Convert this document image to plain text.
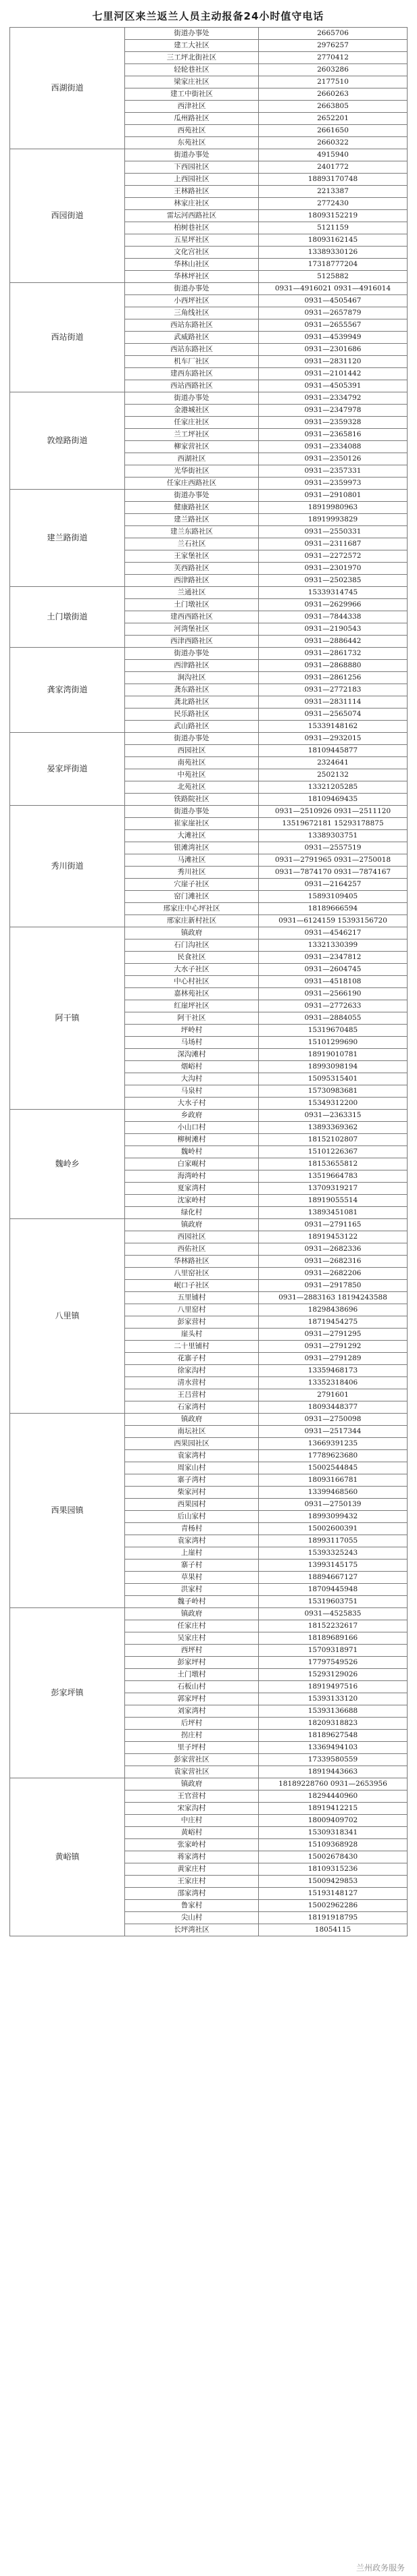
七里河区来兰返兰人员主动报备24小时值守电话
西湖街道	街道办事处	2665706
	建工大社区	2976257
	三工坪北街社区	2770412
	轻轮巷社区	2603286
	梁家庄社区	2177510
	建工中街社区	2660263
	西津社区	2663805
	瓜州路社区	2652201
	西苑社区	2661650
	东苑社区	2660322
西园街道	街道办事处	4915940
	下西园社区	2401772
	上西园社区	18893170748
	王林路社区	2213387
	林家庄社区	2772430
	雷坛河西路社区	18093152219
	柏树巷社区	5121159
	五星坪社区	18093162145
	文化宫社区	13389330126
	华林山社区	17318777204
	华林坪社区	5125882
西站街道	街道办事处	0931—4916021 0931—4916014
	小西坪社区	0931—4505467
	三角线社区	0931—2657879
	西站东路社区	0931—2655567
	武威路社区	0931—4539949
	西站东路社区	0931—2301686
	机车厂社区	0931—2831120
	建西东路社区	0931—2101442
	西站西路社区	0931—4505391
敦煌路街道	街道办事处	0931—2334792
	金港城社区	0931—2347978
	任家庄社区	0931—2359328
	兰工坪社区	0931—2365816
	柳家营社区	0931—2334088
	西湖社区	0931—2350126
	光华街社区	0931—2357331
	任家庄西路社区	0931—2359973
建兰路街道	街道办事处	0931—2910801
	健康路社区	18919980963
	建兰路社区	18919993829
	建兰东路社区	0931—2550331
	兰石社区	0931—2311687
	王家堡社区	0931—2272572
	芙西路社区	0931—2301970
	西津路社区	0931—2502385
土门墩街道	兰通社区	15339314745
	土门墩社区	0931—2629966
	建西西路社区	0931—7844338
	河湾堡社区	0931—2190543
	西津西路社区	0931—2886442
龚家湾街道	街道办事处	0931—2861732
	西津路社区	0931—2868880
	涧沟社区	0931—2861256
	龚东路社区	0931—2772183
	龚北路社区	0931—2831114
	民乐路社区	0931—2565074
	武山路社区	15339148162
晏家坪街道	街道办事处	0931—2932015
	西园社区	18109445877
	南苑社区	2324641
	中苑社区	2502132
	北苑社区	13321205285
	铁路院社区	18109469435
秀川街道	街道办事处	0931—2510926 0931—2511120
	崔家崖社区	13519672181 15293178875
	大滩社区	13389303751
	银滩湾社区	0931—2557519
	马滩社区	0931—2791965 0931—2750018
	秀川社区	0931—7874170 0931—7874167
	穴崖子社区	0931—2164257
	窑门滩社区	15893109405
	邢家庄中心坪社区	18189666594
	邢家庄新村社区	0931—6124159 15393156720
阿干镇	镇政府	0931—4546217
	石门沟社区	13321330399
	民食社区	0931—2347812
	大水子社区	0931—2604745
	中心村社区	0931—4518108
	嘉林苑社区	0931—2566190
	红崖坪社区	0931—2772633
	阿干社区	0931—2884055
	坪岭村	15319670485
	马场村	15101299690
	深沟滩村	18919010781
	烟峪村	18993098194
	大沟村	15095315401
	马泉村	15730983681
	大水子村	15349312200
魏岭乡	乡政府	0931—2363315
	小山口村	13893369362
	柳树滩村	18152102807
	魏岭村	15101226367
	白家岘村	18153655812
	海湾岭村	13519664783
	夏家湾村	13709319217
	沈家岭村	18919055514
	绿化村	13893451081
八里镇	镇政府	0931—2791165
	西园社区	18919453122
	西佑社区	0931—2682336
	华林路社区	0931—2682316
	八里窑社区	0931—2682206
	岷口子社区	0931—2917850
	五里铺村	0931—2883163 18194243588
	八里窑村	18298438696
	彭家营村	18719454275
	崖头村	0931—2791295
	二十里铺村	0931—2791292
	花寨子村	0931—2791289
	徐家沟村	13359468173
	清水营村	13352318406
	王吕营村	2791601
	石家湾村	18093448377
西果园镇	镇政府	0931—2750098
	南坛社区	0931—2517344
	西果园社区	13669391235
	袁家湾村	17789623680
	周家山村	15002544845
	寨子湾村	18093166781
	柴家河村	13399468560
	西果园村	0931—2750139
	后山家村	18993099432
	青杨村	15002600391
	袁家湾村	18993117055
	上崖村	15393325243
	寨子村	13993145175
	草果村	18894667127
	洪家村	18709445948
	魏子岭村	15319603751
彭家坪镇	镇政府	0931—4525835
	任家庄村	18152232617
	吴家庄村	18189689166
	西坪村	15709318971
	彭家坪村	17797549526
	土门墩村	15293129026
	石板山村	18919497516
	郭家坪村	15393133120
	刘家湾村	15393136688
	后坪村	18209318823
	拐庄村	18189627548
	里子坪村	13369494103
	彭家营社区	17339580559
	袁家营社区	18919443663
黄峪镇	镇政府	18189228760 0931—2653956
	王官营村	18294440960
	宋家沟村	18919412215
	中庄村	18009409702
	黄峪村	15309318341
	张家岭村	15109368928
	蒋家湾村	15002678430
	黄家庄村	18109315236
	王家庄村	15009429853
	邵家湾村	15193148127
	鲁家村	15002962286
	尖山村	18191918795
	长坪湾社区	18054115
兰州政务服务
